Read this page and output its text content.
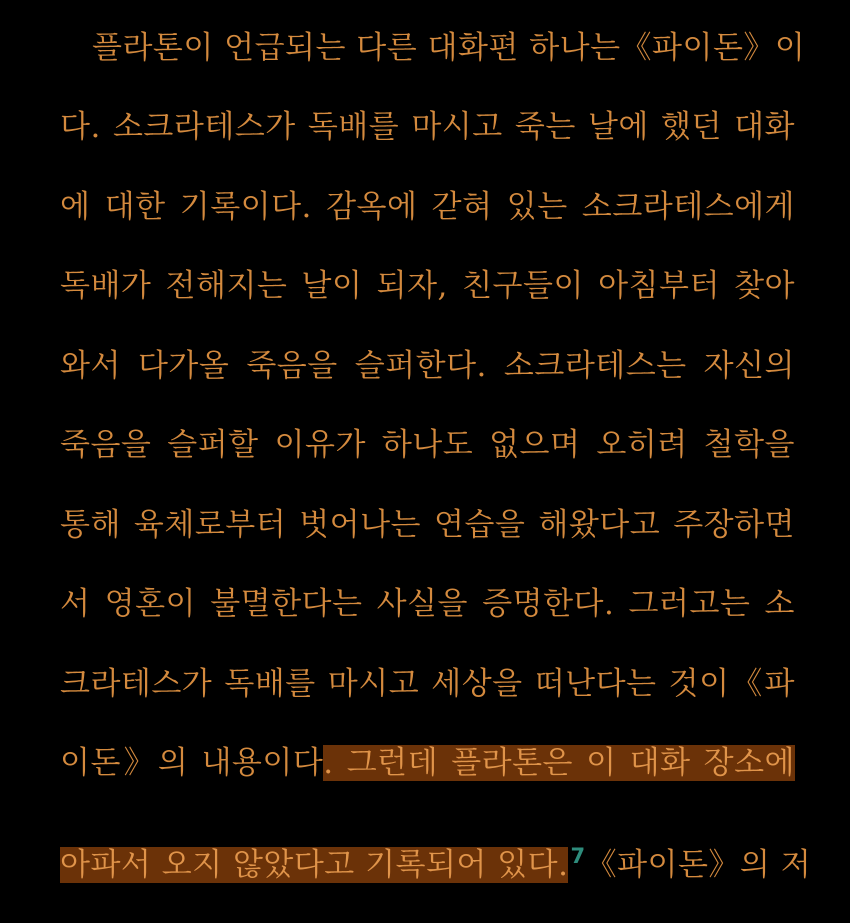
플라톤이 언급되는 다른 대화편 하나는《파이돈》이
다. 소크라테스가 독배를 마시고 죽는 날에 했던 대화
에 대한 기록이다. 감옥에 갇혀 있는 소크라테스에게
독배가 전해지는 날이 되자, 친구들이 아침부터 찾아
와서 다가올 죽음을 슬퍼한다. 소크라테스는 자신의
죽음을 슬퍼할 이유가 하나도 없으며 오히려 철학을
통해 육체로부터 벗어나는 연습을 해왔다고 주장하면
서 영혼이 불멸한다는 사실을 증명한다. 그러고는 소
크라테스가 독배를 마시고 세상을 떠난다는 것이《파
이돈》의 내용이다. 그런데 플라톤은 이 대화 장소에
아파서 오지 않았다고 기록되어 있다.$^7$《파이돈》의 저
